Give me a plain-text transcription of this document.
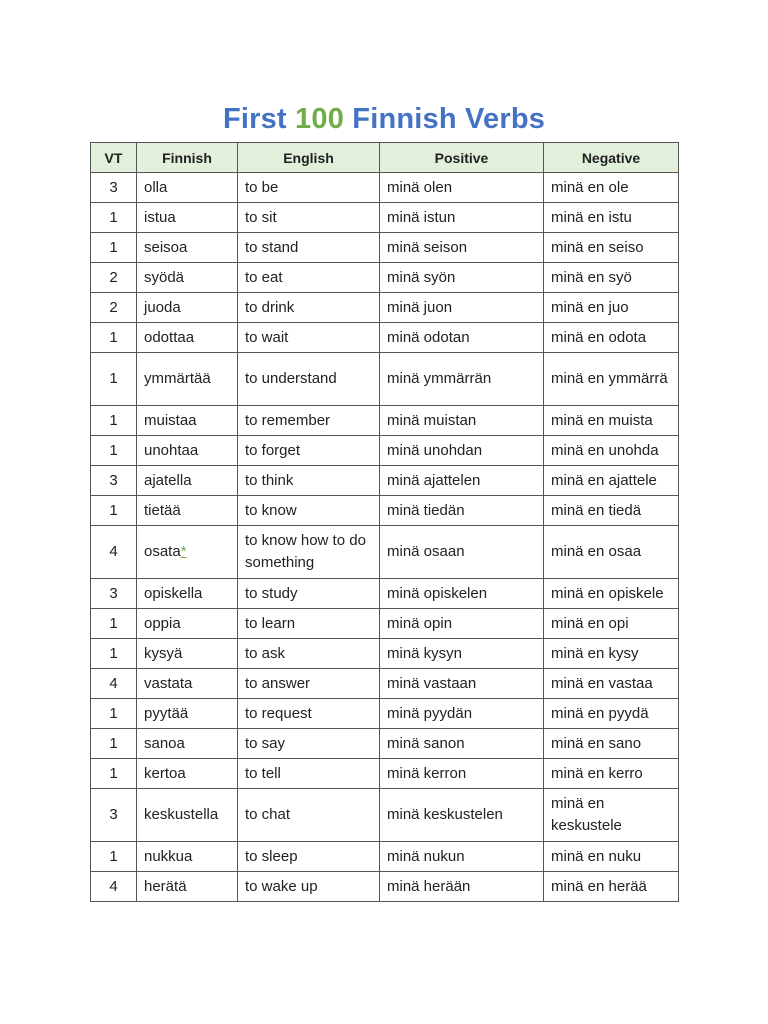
First 100 Finnish Verbs
VT	Finnish	English	Positive	Negative
3	olla	to be	minä olen	minä en ole
1	istua	to sit	minä istun	minä en istu
1	seisoa	to stand	minä seison	minä en seiso
2	syödä	to eat	minä syön	minä en syö
2	juoda	to drink	minä juon	minä en juo
1	odottaa	to wait	minä odotan	minä en odota
1	ymmärtää	to understand	minä ymmärrän	minä en ymmärrä
1	muistaa	to remember	minä muistan	minä en muista
1	unohtaa	to forget	minä unohdan	minä en unohda
3	ajatella	to think	minä ajattelen	minä en ajattele
1	tietää	to know	minä tiedän	minä en tiedä
4	osata*	to know how to do something	minä osaan	minä en osaa
3	opiskella	to study	minä opiskelen	minä en opiskele
1	oppia	to learn	minä opin	minä en opi
1	kysyä	to ask	minä kysyn	minä en kysy
4	vastata	to answer	minä vastaan	minä en vastaa
1	pyytää	to request	minä pyydän	minä en pyydä
1	sanoa	to say	minä sanon	minä en sano
1	kertoa	to tell	minä kerron	minä en kerro
3	keskustella	to chat	minä keskustelen	minä en keskustele
1	nukkua	to sleep	minä nukun	minä en nuku
4	herätä	to wake up	minä herään	minä en herää
